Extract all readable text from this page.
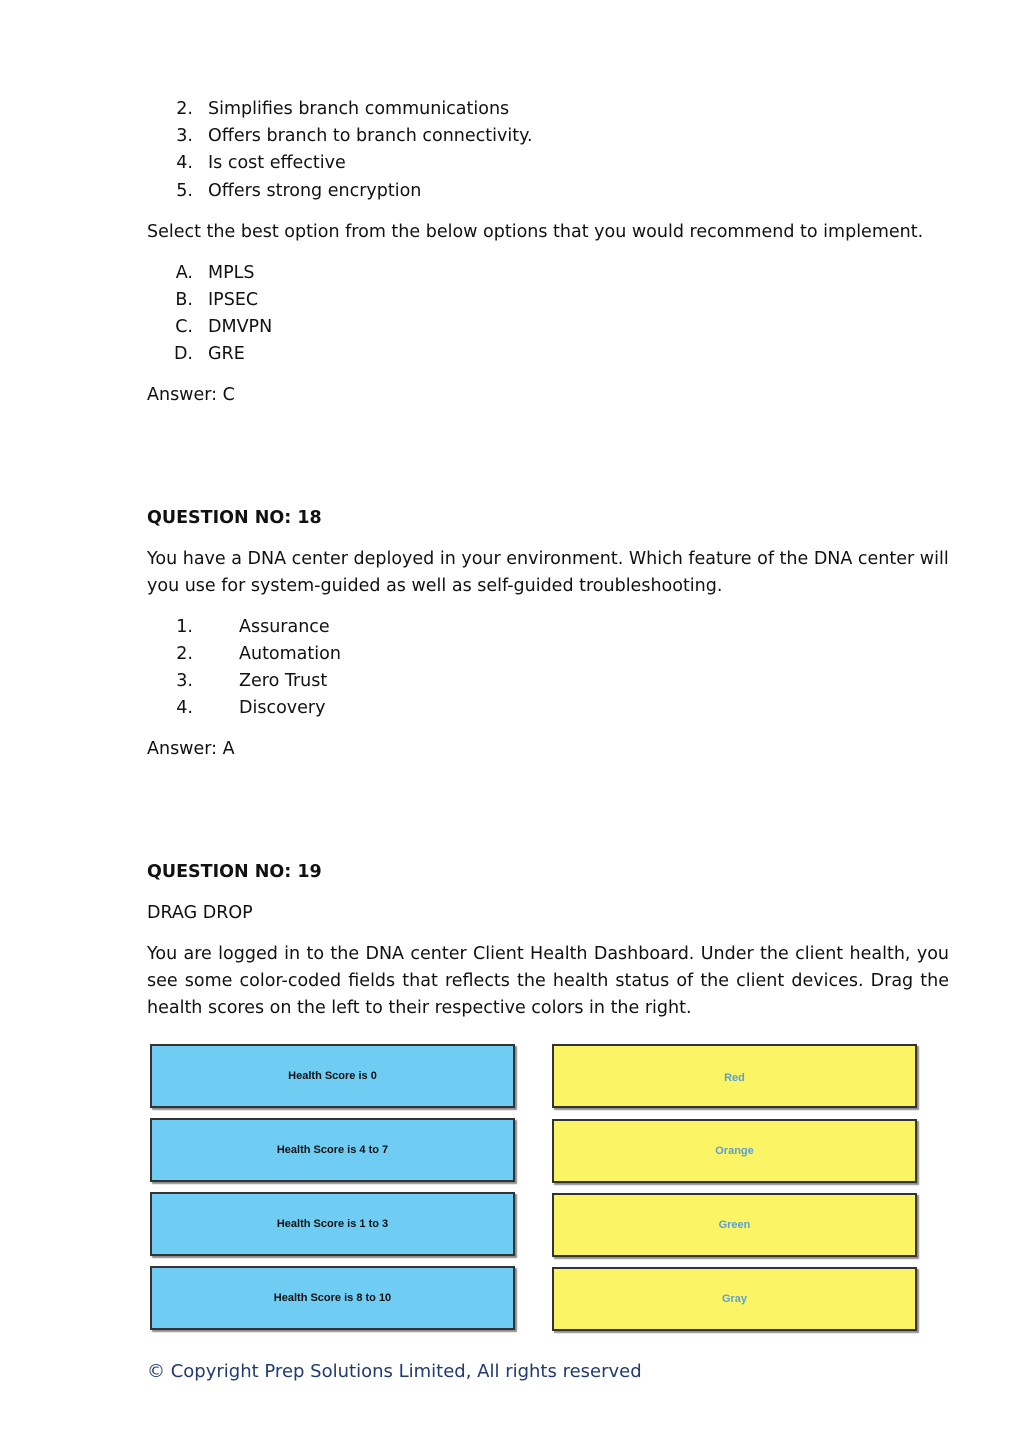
2. Simplifies branch communications
3. Offers branch to branch connectivity.
4. Is cost effective
5. Offers strong encryption
Select the best option from the below options that you would recommend to implement.
A. MPLS
B. IPSEC
C. DMVPN
D. GRE
Answer: C
QUESTION NO: 18
You have a DNA center deployed in your environment. Which feature of the DNA center will you use for system-guided as well as self-guided troubleshooting.
1.	Assurance
2.	Automation
3.	Zero Trust
4.	Discovery
Answer: A
QUESTION NO: 19
DRAG DROP
You are logged in to the DNA center Client Health Dashboard. Under the client health, you see some color-coded fields that reflects the health status of the client devices. Drag the health scores on the left to their respective colors in the right.
Health Score is 0
Health Score is 4 to 7
Health Score is 1 to 3
Health Score is 8 to 10
Red
Orange
Green
Gray
© Copyright Prep Solutions Limited, All rights reserved
